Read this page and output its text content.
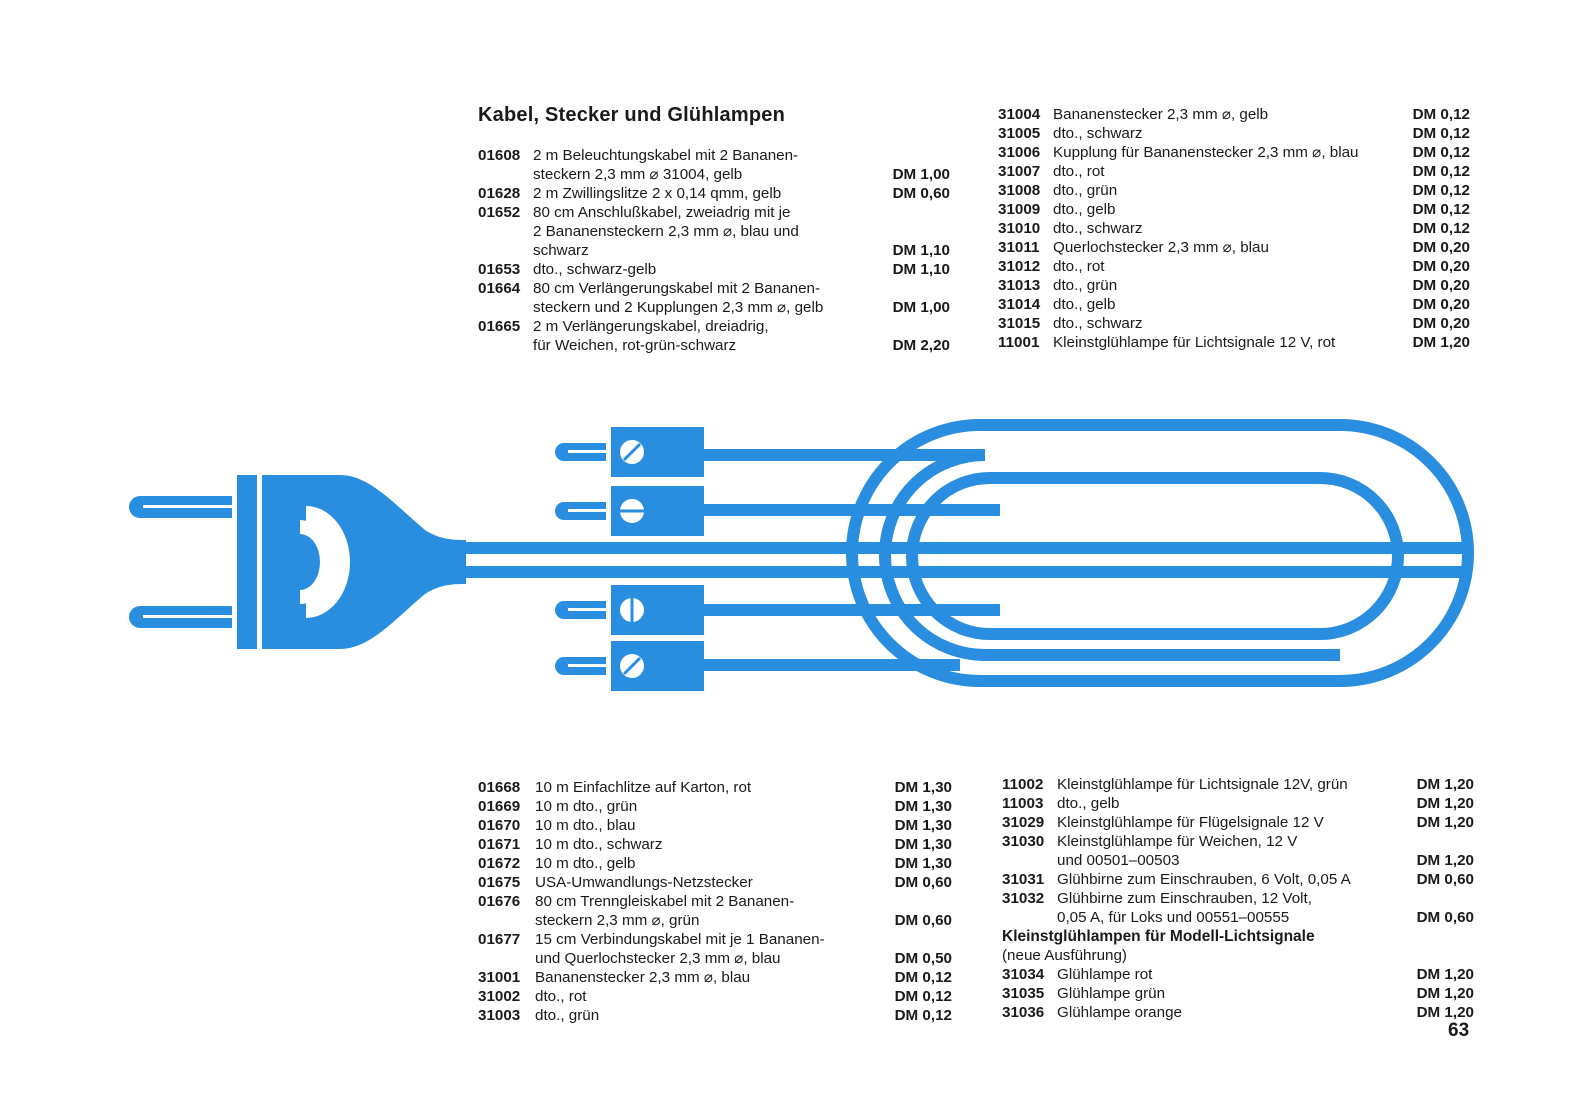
Kabel, Stecker und Glühlampen
01608 2 m Beleuchtungskabel mit 2 Bananen-
steckern 2,3 mm ⌀ 31004, gelb	DM 1,00
01628 2 m Zwillingslitze 2 x 0,14 qmm, gelb	DM 0,60
01652 80 cm Anschlußkabel, zweiadrig mit je
2 Bananensteckern 2,3 mm ⌀, blau und
schwarz	DM 1,10
01653 dto., schwarz-gelb	DM 1,10
01664 80 cm Verlängerungskabel mit 2 Bananen-
steckern und 2 Kupplungen 2,3 mm ⌀, gelb	DM 1,00
01665 2 m Verlängerungskabel, dreiadrig,
für Weichen, rot-grün-schwarz	DM 2,20
31004 Bananenstecker 2,3 mm ⌀, gelb	DM 0,12
31005 dto., schwarz	DM 0,12
31006 Kupplung für Bananenstecker 2,3 mm ⌀, blau	DM 0,12
31007 dto., rot	DM 0,12
31008 dto., grün	DM 0,12
31009 dto., gelb	DM 0,12
31010 dto., schwarz	DM 0,12
31011 Querlochstecker 2,3 mm ⌀, blau	DM 0,20
31012 dto., rot	DM 0,20
31013 dto., grün	DM 0,20
31014 dto., gelb	DM 0,20
31015 dto., schwarz	DM 0,20
11001 Kleinstglühlampe für Lichtsignale 12 V, rot	DM 1,20
01668 10 m Einfachlitze auf Karton, rot	DM 1,30
01669 10 m dto., grün	DM 1,30
01670 10 m dto., blau	DM 1,30
01671 10 m dto., schwarz	DM 1,30
01672 10 m dto., gelb	DM 1,30
01675 USA-Umwandlungs-Netzstecker	DM 0,60
01676 80 cm Trenngleiskabel mit 2 Bananen-
steckern 2,3 mm ⌀, grün	DM 0,60
01677 15 cm Verbindungskabel mit je 1 Bananen-
und Querlochstecker 2,3 mm ⌀, blau	DM 0,50
31001 Bananenstecker 2,3 mm ⌀, blau	DM 0,12
31002 dto., rot	DM 0,12
31003 dto., grün	DM 0,12
11002 Kleinstglühlampe für Lichtsignale 12V, grün	DM 1,20
11003 dto., gelb	DM 1,20
31029 Kleinstglühlampe für Flügelsignale 12 V	DM 1,20
31030 Kleinstglühlampe für Weichen, 12 V
und 00501–00503	DM 1,20
31031 Glühbirne zum Einschrauben, 6 Volt, 0,05 A	DM 0,60
31032 Glühbirne zum Einschrauben, 12 Volt,
0,05 A, für Loks und 00551–00555	DM 0,60
Kleinstglühlampen für Modell-Lichtsignale
(neue Ausführung)
31034 Glühlampe rot	DM 1,20
31035 Glühlampe grün	DM 1,20
31036 Glühlampe orange	DM 1,20
63
